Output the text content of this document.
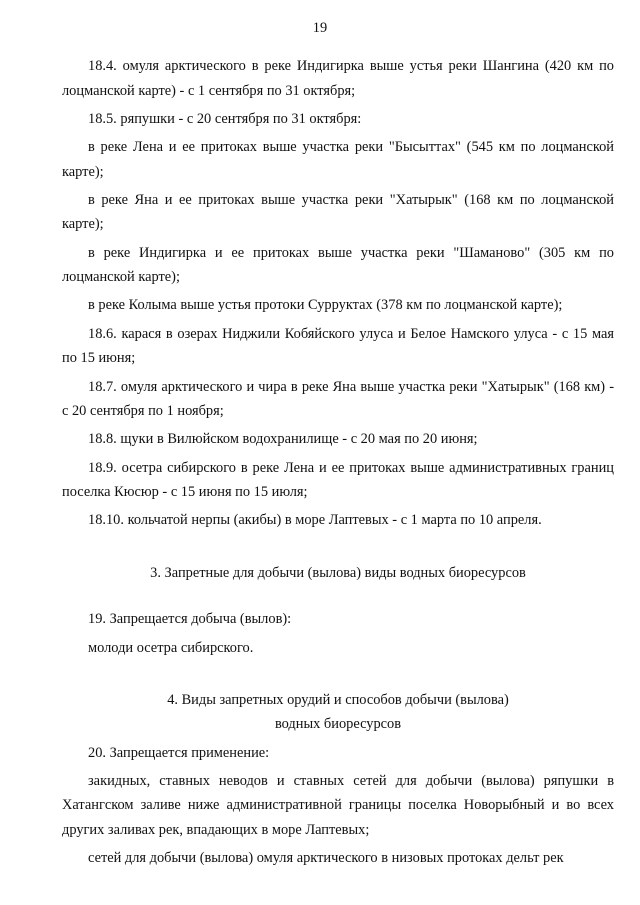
19
18.4. омуля арктического в реке Индигирка выше устья реки Шангина (420 км по лоцманской карте) - с 1 сентября по 31 октября;
18.5. ряпушки - с 20 сентября по 31 октября:
в реке Лена и ее притоках выше участка реки "Бысыттах" (545 км по лоцманской карте);
в реке Яна и ее притоках выше участка реки "Хатырык" (168 км по лоцманской карте);
в реке Индигирка и ее притоках выше участка реки "Шаманово" (305 км по лоцманской карте);
в реке Колыма выше устья протоки Сурруктах (378 км по лоцманской карте);
18.6. карася в озерах Ниджили Кобяйского улуса и Белое Намского улуса - с 15 мая по 15 июня;
18.7. омуля арктического и чира в реке Яна выше участка реки "Хатырык" (168 км) - с 20 сентября по 1 ноября;
18.8. щуки в Вилюйском водохранилище - с 20 мая по 20 июня;
18.9. осетра сибирского в реке Лена и ее притоках выше административных границ поселка Кюсюр - с 15 июня по 15 июля;
18.10. кольчатой нерпы (акибы) в море Лаптевых - с 1 марта по 10 апреля.
3. Запретные для добычи (вылова) виды водных биоресурсов
19. Запрещается добыча (вылов):
молоди осетра сибирского.
4. Виды запретных орудий и способов добычи (вылова)
водных биоресурсов
20. Запрещается применение:
закидных, ставных неводов и ставных сетей для добычи (вылова) ряпушки в Хатангском заливе ниже административной границы поселка Новорыбный и во всех других заливах рек, впадающих в море Лаптевых;
сетей для добычи (вылова) омуля арктического в низовых протоках дельт рек
